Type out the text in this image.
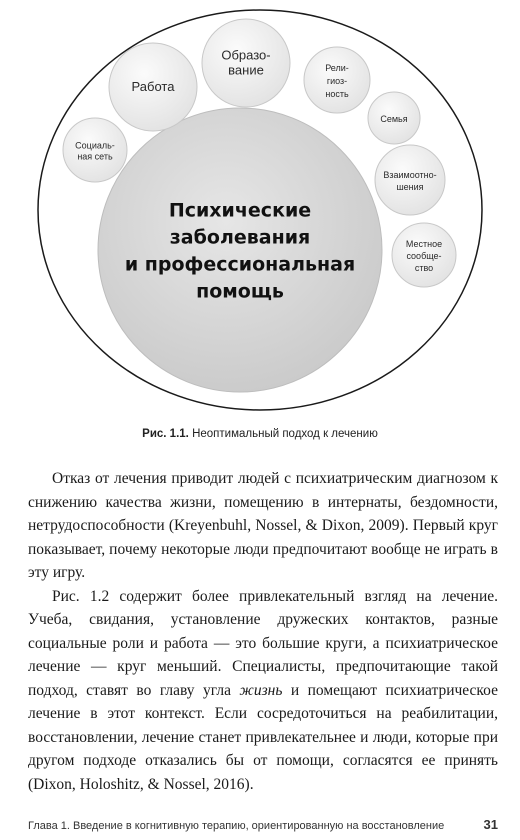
Психические
заболевания
и профессиональная
помощь
Социаль-
ная сеть
Работа
Образо-
вание	Рели-
гиоз-
ность
Семья
Взаимоотно-
шения
Местное
сообще-
ство
Рис. 1.1. Неоптимальный подход к лечению

Отказ от лечения приводит людей с психиатрическим диагнозом к снижению качества жизни, помещению в интернаты, бездомности, нетрудоспособности (Kreyenbuhl, Nossel, & Dixon, 2009). Первый круг показывает, почему некоторые люди предпочитают вообще не играть в эту игру.

Рис. 1.2 содержит более привлекательный взгляд на лечение. Учеба, свидания, установление дружеских контактов, разные социальные роли и работа — это большие круги, а психиатрическое лечение — круг меньший. Специалисты, предпочитающие такой подход, ставят во главу угла жизнь и помещают психиатрическое лечение в этот контекст. Если сосредоточиться на реабилитации, восстановлении, лечение станет привлекательнее и люди, которые при другом подходе отказались бы от помощи, согласятся ее принять (Dixon, Holoshitz, & Nossel, 2016).

Глава 1. Введение в когнитивную терапию, ориентированную на восстановление	31
